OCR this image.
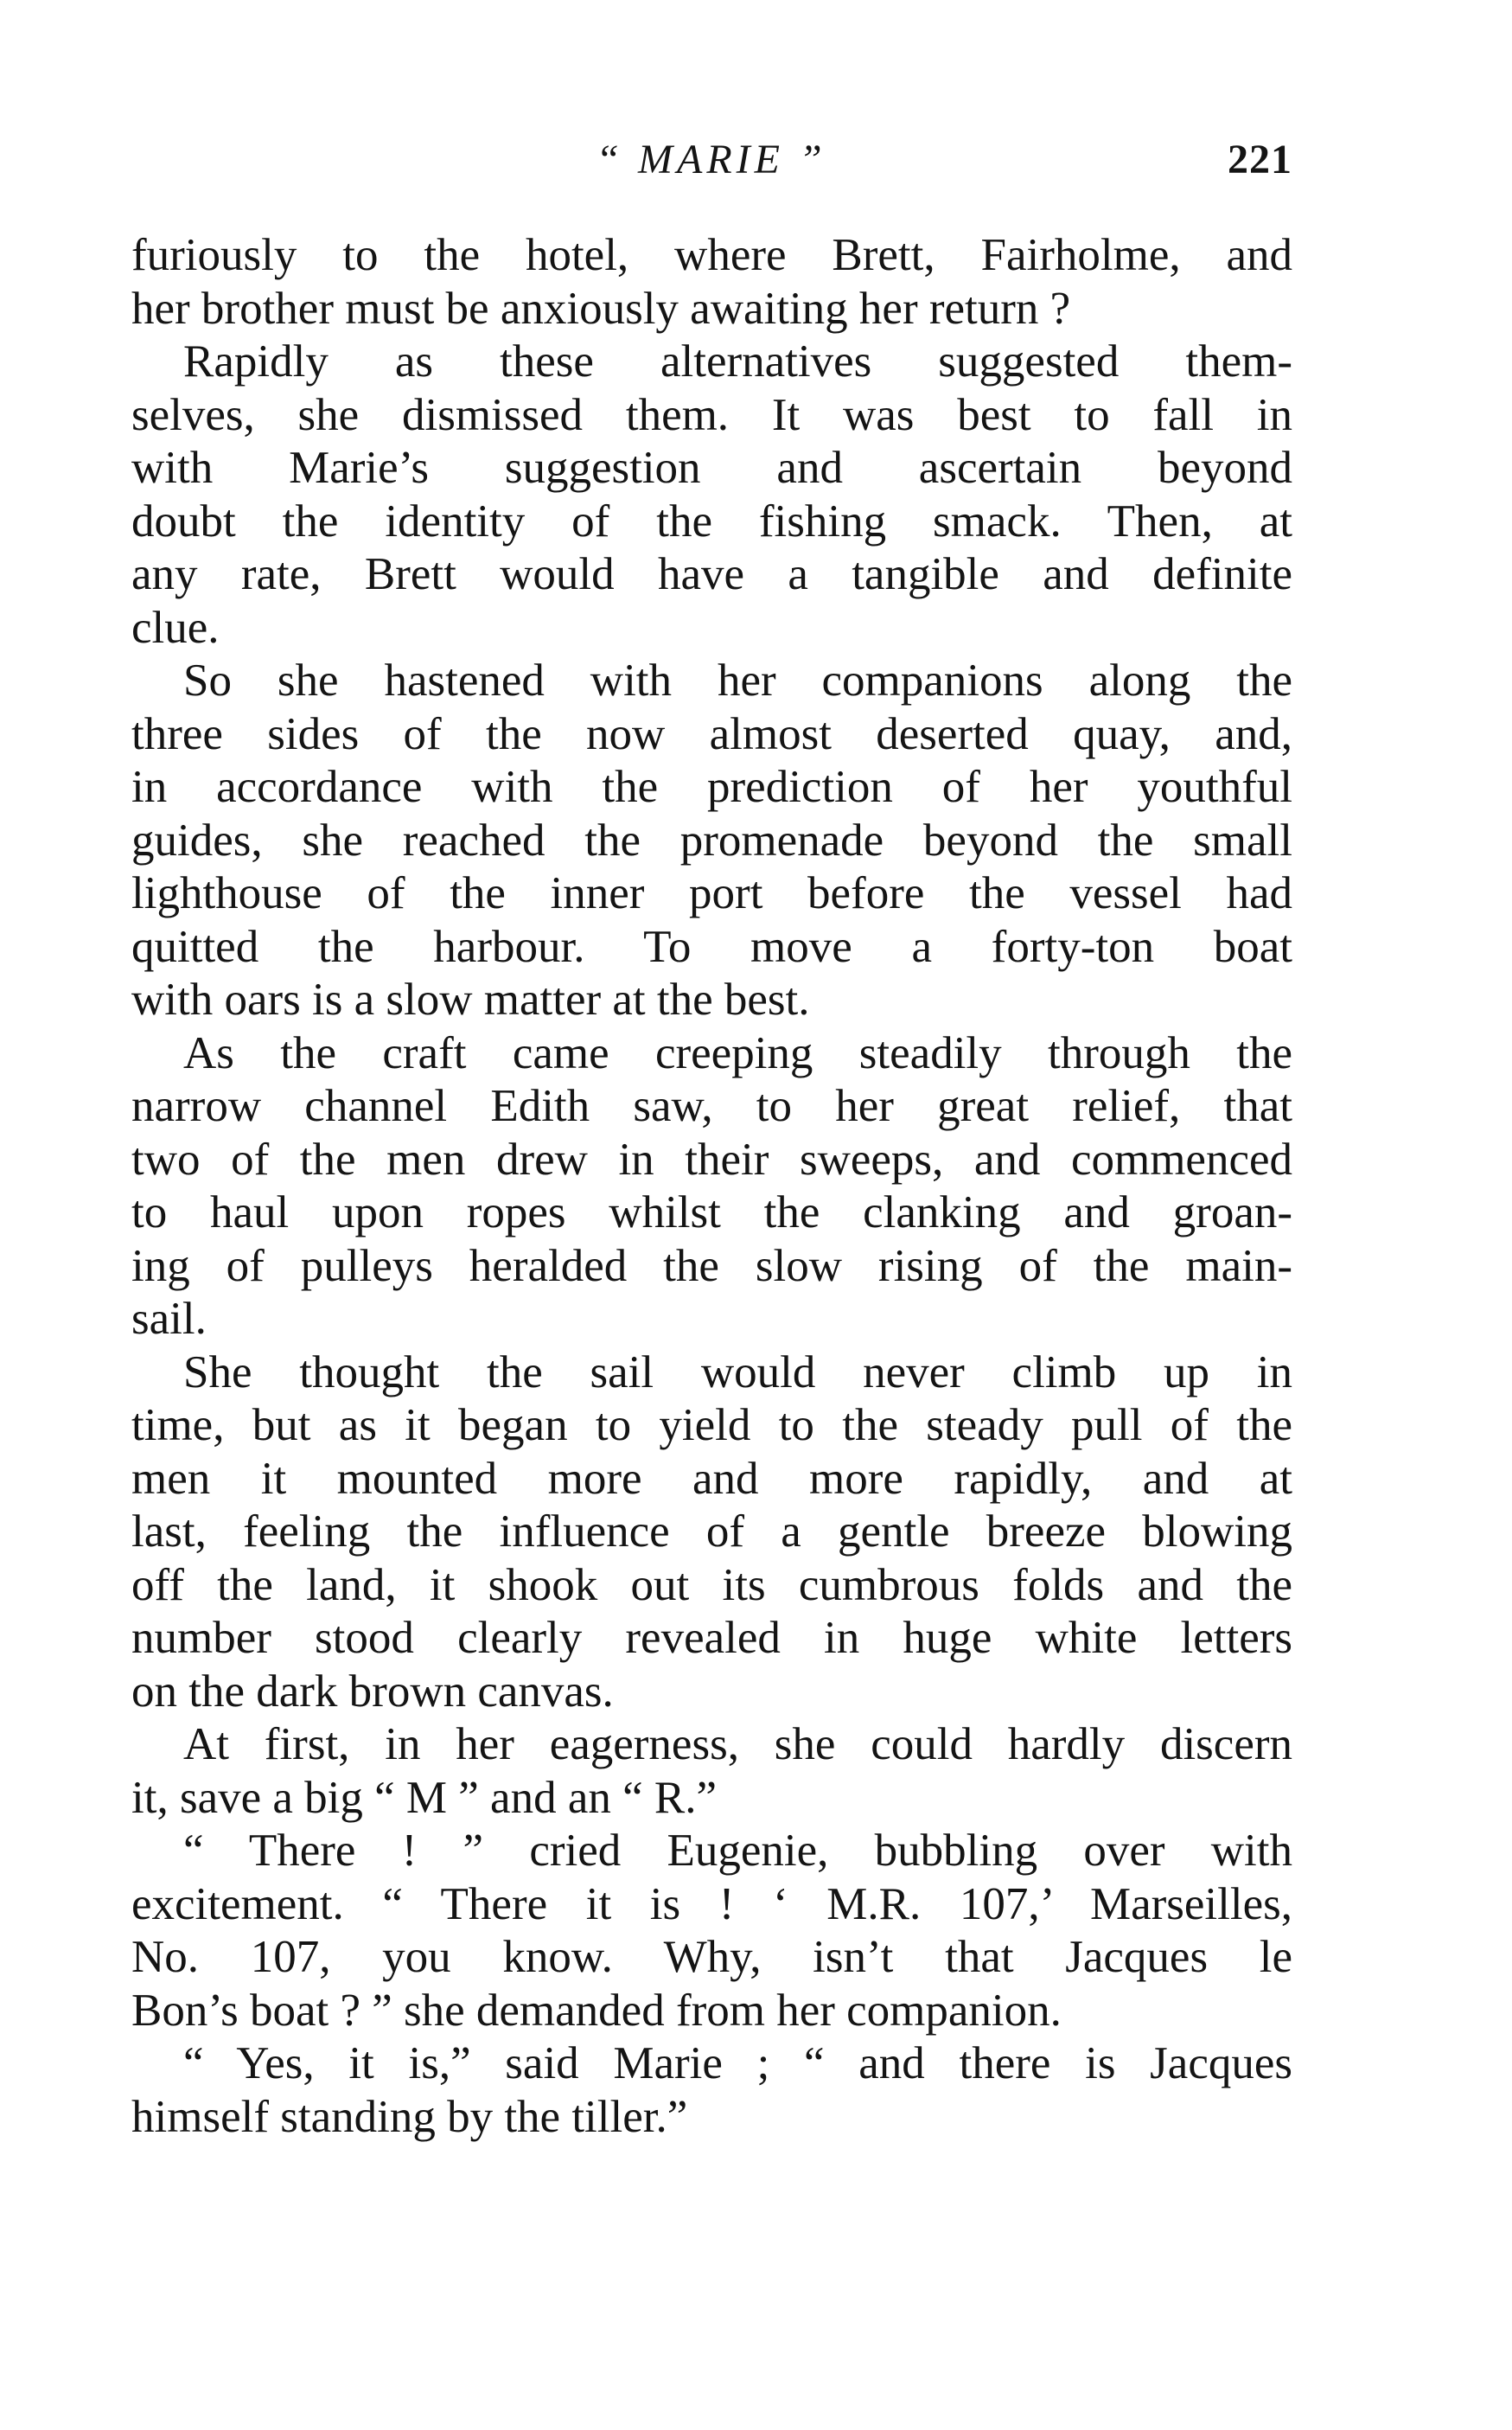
“ MARIE ”	221
furiously to the hotel, where Brett, Fairholme, and
her brother must be anxiously awaiting her return ?
Rapidly as these alternatives suggested them-
selves, she dismissed them. It was best to fall in
with Marie’s suggestion and ascertain beyond
doubt the identity of the fishing smack. Then, at
any rate, Brett would have a tangible and definite
clue.
So she hastened with her companions along the
three sides of the now almost deserted quay, and,
in accordance with the prediction of her youthful
guides, she reached the promenade beyond the small
lighthouse of the inner port before the vessel had
quitted the harbour. To move a forty-ton boat
with oars is a slow matter at the best.
As the craft came creeping steadily through the
narrow channel Edith saw, to her great relief, that
two of the men drew in their sweeps, and commenced
to haul upon ropes whilst the clanking and groan-
ing of pulleys heralded the slow rising of the main-
sail.
She thought the sail would never climb up in
time, but as it began to yield to the steady pull of the
men it mounted more and more rapidly, and at
last, feeling the influence of a gentle breeze blowing
off the land, it shook out its cumbrous folds and the
number stood clearly revealed in huge white letters
on the dark brown canvas.
At first, in her eagerness, she could hardly discern
it, save a big “ M ” and an “ R.”
“ There ! ” cried Eugenie, bubbling over with
excitement. “ There it is ! ‘ M.R. 107,’ Marseilles,
No. 107, you know. Why, isn’t that Jacques le
Bon’s boat ? ” she demanded from her companion.
“ Yes, it is,” said Marie ; “ and there is Jacques
himself standing by the tiller.”
